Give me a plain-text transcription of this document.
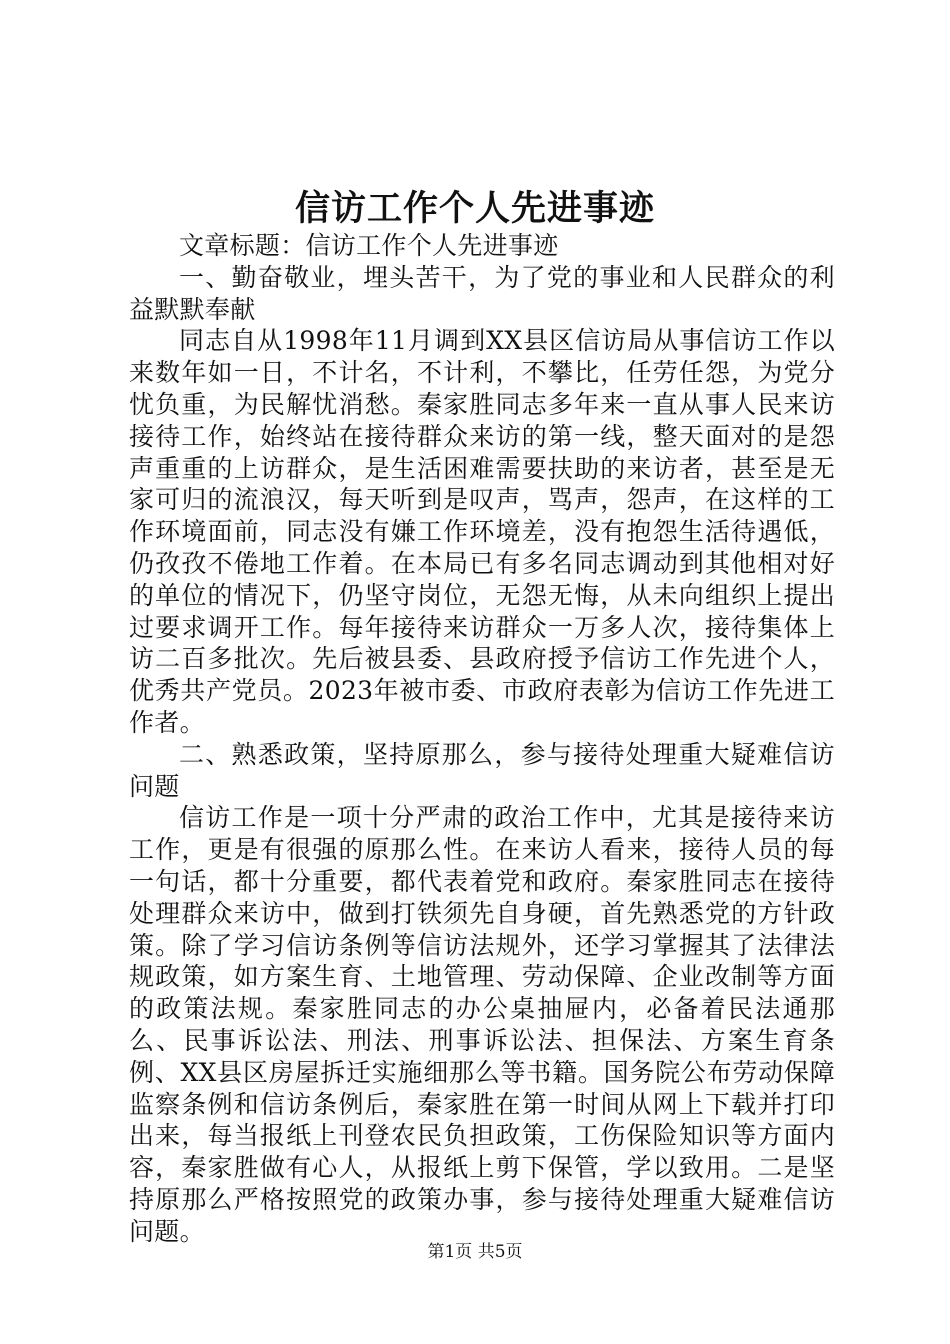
信访工作个人先进事迹

文章标题：信访工作个人先进事迹

一、勤奋敬业，埋头苦干，为了党的事业和人民群众的利益默默奉献

同志自从1998年11月调到XX县区信访局从事信访工作以来数年如一日，不计名，不计利，不攀比，任劳任怨，为党分忧负重，为民解忧消愁。秦家胜同志多年来一直从事人民来访接待工作，始终站在接待群众来访的第一线，整天面对的是怨声重重的上访群众，是生活困难需要扶助的来访者，甚至是无家可归的流浪汉，每天听到是叹声，骂声，怨声，在这样的工作环境面前，同志没有嫌工作环境差，没有抱怨生活待遇低，仍孜孜不倦地工作着。在本局已有多名同志调动到其他相对好的单位的情况下，仍坚守岗位，无怨无悔，从未向组织上提出过要求调开工作。每年接待来访群众一万多人次，接待集体上访二百多批次。先后被县委、县政府授予信访工作先进个人，优秀共产党员。2023年被市委、市政府表彰为信访工作先进工作者。

二、熟悉政策，坚持原那么，参与接待处理重大疑难信访问题

信访工作是一项十分严肃的政治工作中，尤其是接待来访工作，更是有很强的原那么性。在来访人看来，接待人员的每一句话，都十分重要，都代表着党和政府。秦家胜同志在接待处理群众来访中，做到打铁须先自身硬，首先熟悉党的方针政策。除了学习信访条例等信访法规外，还学习掌握其了法律法规政策，如方案生育、土地管理、劳动保障、企业改制等方面的政策法规。秦家胜同志的办公桌抽屉内，必备着民法通那么、民事诉讼法、刑法、刑事诉讼法、担保法、方案生育条例、XX县区房屋拆迁实施细那么等书籍。国务院公布劳动保障监察条例和信访条例后，秦家胜在第一时间从网上下载并打印出来，每当报纸上刊登农民负担政策，工伤保险知识等方面内容，秦家胜做有心人，从报纸上剪下保管，学以致用。二是坚持原那么严格按照党的政策办事，参与接待处理重大疑难信访问题。

第1页 共5页
